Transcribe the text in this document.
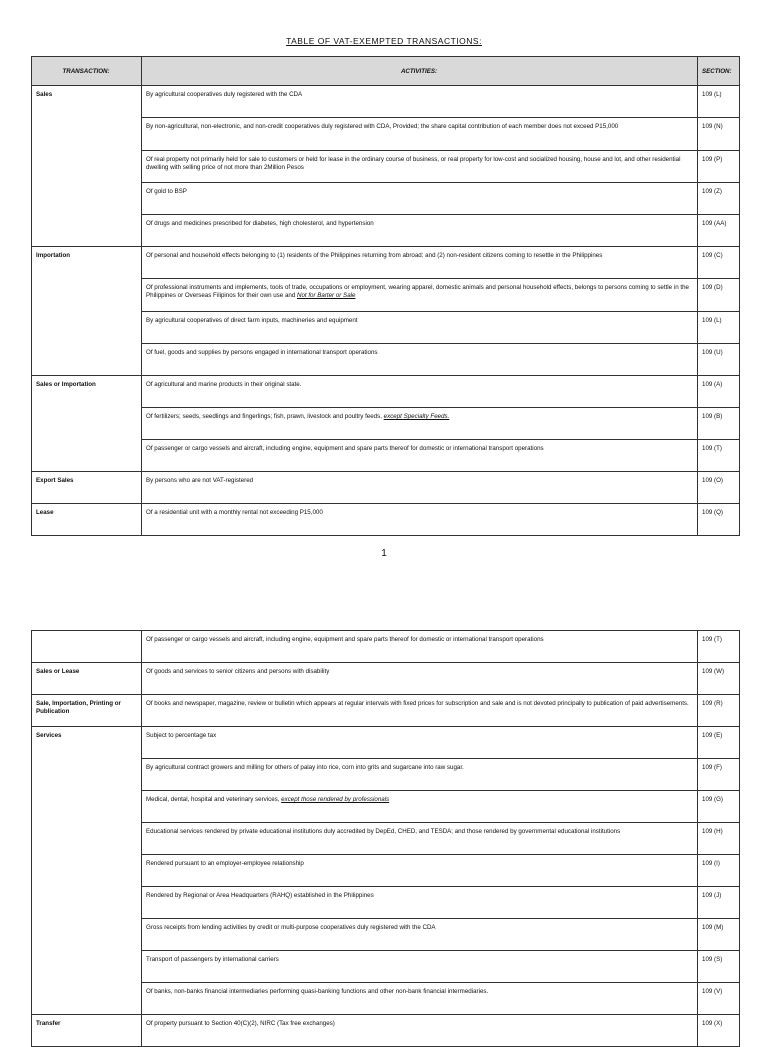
TABLE OF VAT-EXEMPTED TRANSACTIONS:
TRANSACTION:	ACTIVITIES:	SECTION:
Sales	By agricultural cooperatives duly registered with the CDA	109 (L)
	By non-agricultural, non-electronic, and non-credit cooperatives duly registered with CDA, Provided; the share capital contribution of each member does not exceed P15,000	109 (N)
	Of real property not primarily held for sale to customers or held for lease in the ordinary course of business, or real property for low-cost and socialized housing, house and lot, and other residential dwelling with selling price of not more than 2Million Pesos	109 (P)
	Of gold to BSP	109 (Z)
	Of drugs and medicines prescribed for diabetes, high cholesterol, and hypertension	109 (AA)
Importation	Of personal and household effects belonging to (1) residents of the Philippines returning from abroad; and (2) non-resident citizens coming to resettle in the Philippines	109 (C)
	Of professional instruments and implements, tools of trade, occupations or employment, wearing apparel, domestic animals and personal household effects, belongs to persons coming to settle in the Philippines or Overseas Filipinos for their own use and Not for Barter or Sale	109 (D)
	By agricultural cooperatives of direct farm inputs, machineries and equipment	109 (L)
	Of fuel, goods and supplies by persons engaged in international transport operations	109 (U)
Sales or Importation	Of agricultural and marine products in their original state.	109 (A)
	Of fertilizers; seeds, seedlings and fingerlings; fish, prawn, livestock and poultry feeds, except Specialty Feeds.	109 (B)
	Of passenger or cargo vessels and aircraft, including engine, equipment and spare parts thereof for domestic or international transport operations	109 (T)
Export Sales	By persons who are not VAT-registered	109 (O)
Lease	Of a residential unit with a monthly rental not exceeding P15,000	109 (Q)
1
	Of passenger or cargo vessels and aircraft, including engine, equipment and spare parts thereof for domestic or international transport operations	109 (T)
Sales or Lease	Of goods and services to senior citizens and persons with disability	109 (W)
Sale, Importation, Printing or Publication	Of books and newspaper, magazine, review or bulletin which appears at regular intervals with fixed prices for subscription and sale and is not devoted principally to publication of paid advertisements.	109 (R)
Services	Subject to percentage tax	109 (E)
	By agricultural contract growers and milling for others of palay into rice, corn into grits and sugarcane into raw sugar.	109 (F)
	Medical, dental, hospital and veterinary services, except those rendered by professionals	109 (G)
	Educational services rendered by private educational institutions duly accredited by DepEd, CHED, and TESDA; and those rendered by governmental educational institutions	109 (H)
	Rendered pursuant to an employer-employee relationship	109 (I)
	Rendered by Regional or Area Headquarters (RAHQ) established in the Philippines	109 (J)
	Gross receipts from lending activities by credit or multi-purpose cooperatives duly registered with the CDA	109 (M)
	Transport of passengers by international carriers	109 (S)
	Of banks, non-banks financial intermediaries performing quasi-banking functions and other non-bank financial intermediaries.	109 (V)
Transfer	Of property pursuant to Section 40(C)(2), NIRC (Tax free exchanges)	109 (X)
